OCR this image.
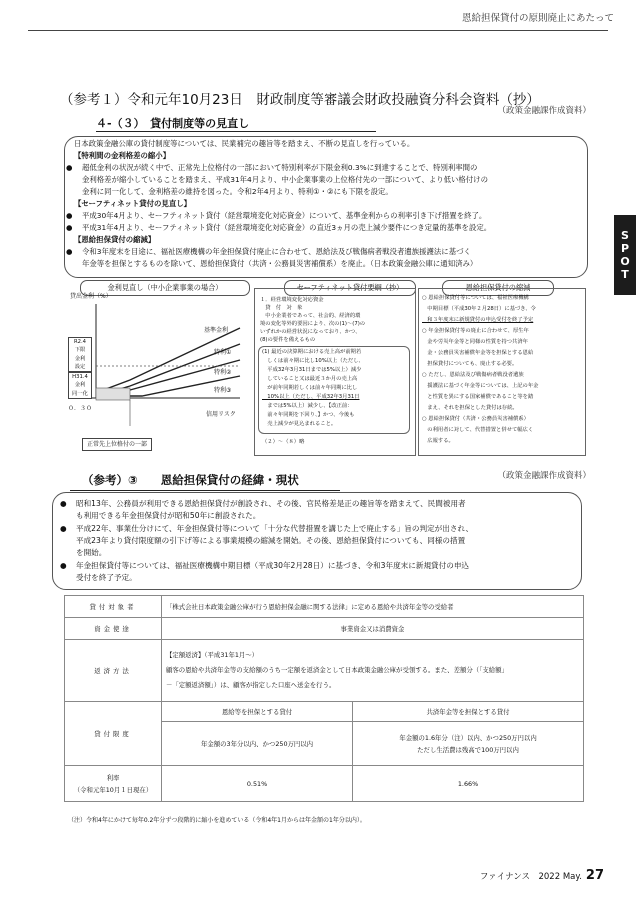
恩給担保貸付の原則廃止にあたって
S
P
O
T
（参考１）令和元年10月23日　財政制度等審議会財政投融資分科会資料（抄）
（政策金融課作成資料）
４-（３）　貸付制度等の見直し
日本政策金融公庫の貸付制度等については、民業補完の趣旨等を踏まえ、不断の見直しを行っている。
【特利間の金利格差の縮小】
● 超低金利の状況が続く中で、正常先上位格付の一部において特別利率が下限金利0.3%に到達することで、特別利率間の
金利格差が縮小していることを踏まえ、平成31年4月より、中小企業事業の上位格付先の一部について、より低い格付けの
金利に同一化して、金利格差の維持を図った。令和2年4月より、特利①・②にも下限を設定。
【セーフティネット貸付の見直し】
● 平成30年4月より、セーフティネット貸付（経営環境変化対応資金）について、基準金利からの利率引き下げ措置を終了。
● 平成31年4月より、セーフティネット貸付（経営環境変化対応資金）の直近3ヵ月の売上減少要件につき定量的基準を設定。
【恩給担保貸付の縮減】
● 令和3年度末を目途に、福祉医療機構の年金担保貸付廃止に合わせて、恩給法及び戦傷病者戦没者遺族援護法に基づく
年金等を担保とするものを除いて、恩給担保貸付（共済・公務員災害補償系）を廃止。（日本政策金融公庫に通知済み）
金利見直し（中小企業事業の場合）
貸出金利（%）
基準金利
特利①
特利②
特利③
信用リスク
R2.4
下限
金利
設定
H31.4
金利
同一化
０．３０
正常先上位格付の一部
セーフティネット貸付要綱（抄）
１．経営環境変化対応資金
　貸　付　対　象
　中小企業者であって、社会的、経済的環
境の変化等外的要因により、次の(1)～(7)の
いずれかの経営状況になっており、かつ、
(8)の要件を備えるもの
(1) 最近の決算期における売上高が前期若
　しくは前々期に比し10%以上（ただし、
　平成32年3月31日までは5%以上）減少
　していること又は最近３か月の売上高
　が前年同期若しくは前々年同期に比し
　10%以上（ただし、平成32年3月31日
　までは5%以上）減少し、【改正前：
　前々年同期を下回り、】かつ、今後も
　売上減少が見込まれること。
（２）～（８）略
恩給担保貸付の縮減
○ 恩給担保貸付等については、福祉医療機構
　中期目標（平成30年２月28日）に基づき、令
　和３年度末に新規貸付の申込受付を終了予定
○ 年金担保貸付等の廃止に合わせて、厚生年
　金や労災年金等と同様の性質を持つ共済年
　金・公務員災害補償年金等を担保とする恩給
　担保貸付についても、廃止する必要。
○ ただし、恩給法及び戦傷病者戦没者遺族
　援護法に基づく年金等については、上記の年金
　と性質を異にする国家補償であること等を踏
　まえ、それを担保とした貸付は存続。
○ 恩給担保貸付（共済・公務員災害補償系）
　の利用者に対して、代替措置と併せて幅広く
　広報する。
（政策金融課作成資料）
（参考）③　　恩給担保貸付の経緯・現状
● 昭和13年、公務員が利用できる恩給担保貸付が創設され、その後、官民格差是正の趣旨等を踏まえて、民間被用者
も利用できる年金担保貸付が昭和50年に創設された。
● 平成22年、事業仕分けにて、年金担保貸付等について「十分な代替措置を講じた上で廃止する」旨の判定が出され、
平成23年より貸付限度額の引下げ等による事業規模の縮減を開始。その後、恩給担保貸付についても、同様の措置
を開始。
● 年金担保貸付等については、福祉医療機構中期目標（平成30年2月28日）に基づき、令和3年度末に新規貸付の申込
受付を終了予定。
貸付対象者	「株式会社日本政策金融公庫が行う恩給担保金融に関する法律」に定める恩給や共済年金等の受給者	
資金使途	事業資金又は消費資金	
返済方法	【定額返済】（平成31年1月～）
顧客の恩給や共済年金等の支給額のうち一定額を返済金として日本政策金融公庫が受領する。また、差額分（「支給額」
－「定額返済額」）は、顧客が指定した口座へ送金を行う。	

貸付限度	恩給等を担保とする貸付	共済年金等を担保とする貸付
	年金額の3年分以内、かつ250万円以内	年金額の1.6年分（注）以内、かつ250万円以内
ただし生活費は残高で100万円以内

利率
（令和元年10月１日現在）	0.51%	1.66%
（注）令和4年にかけて毎年0.2年分ずつ段階的に縮小を進めている（令和4年1月からは年金額の1年分以内）。
ファイナンス　2022 May. 27
